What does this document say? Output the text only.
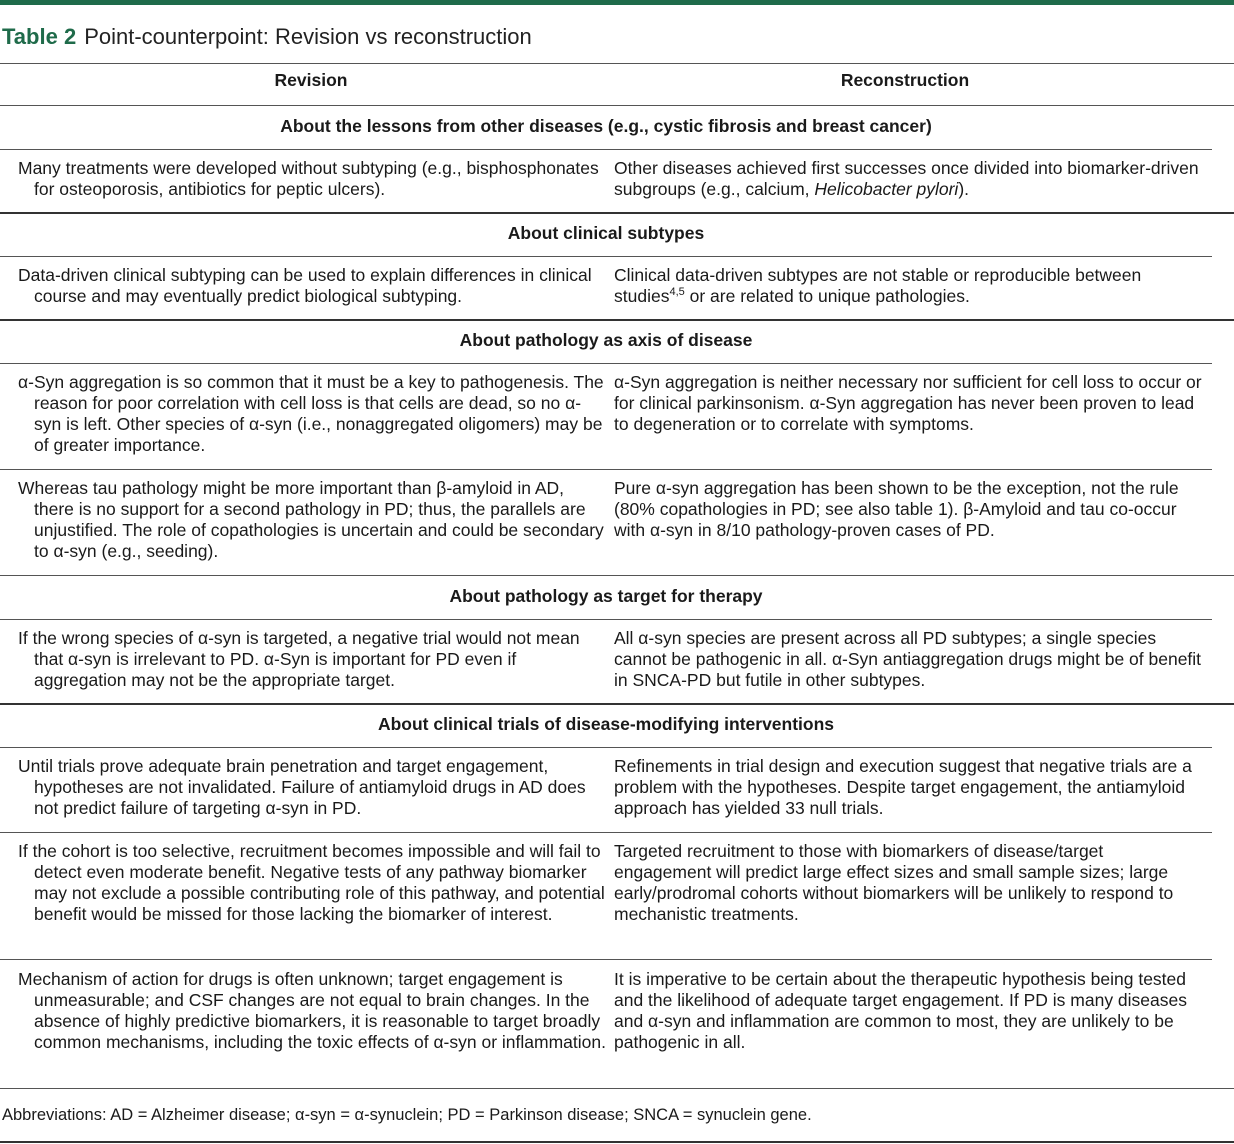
Table 2 Point-counterpoint: Revision vs reconstruction
Revision	Reconstruction
About the lessons from other diseases (e.g., cystic fibrosis and breast cancer)
Many treatments were developed without subtyping (e.g., bisphosphonates for osteoporosis, antibiotics for peptic ulcers).
Other diseases achieved first successes once divided into biomarker-driven subgroups (e.g., calcium, Helicobacter pylori).
About clinical subtypes
Data-driven clinical subtyping can be used to explain differences in clinical course and may eventually predict biological subtyping.
Clinical data-driven subtypes are not stable or reproducible between studies$^{4,5}$ or are related to unique pathologies.
About pathology as axis of disease
α-Syn aggregation is so common that it must be a key to pathogenesis. The reason for poor correlation with cell loss is that cells are dead, so no α-syn is left. Other species of α-syn (i.e., nonaggregated oligomers) may be of greater importance.
α-Syn aggregation is neither necessary nor sufficient for cell loss to occur or for clinical parkinsonism. α-Syn aggregation has never been proven to lead to degeneration or to correlate with symptoms.
Whereas tau pathology might be more important than β-amyloid in AD, there is no support for a second pathology in PD; thus, the parallels are unjustified. The role of copathologies is uncertain and could be secondary to α-syn (e.g., seeding).
Pure α-syn aggregation has been shown to be the exception, not the rule (80% copathologies in PD; see also table 1). β-Amyloid and tau co-occur with α-syn in 8/10 pathology-proven cases of PD.
About pathology as target for therapy
If the wrong species of α-syn is targeted, a negative trial would not mean that α-syn is irrelevant to PD. α-Syn is important for PD even if aggregation may not be the appropriate target.
All α-syn species are present across all PD subtypes; a single species cannot be pathogenic in all. α-Syn antiaggregation drugs might be of benefit in SNCA-PD but futile in other subtypes.
About clinical trials of disease-modifying interventions
Until trials prove adequate brain penetration and target engagement, hypotheses are not invalidated. Failure of antiamyloid drugs in AD does not predict failure of targeting α-syn in PD.
Refinements in trial design and execution suggest that negative trials are a problem with the hypotheses. Despite target engagement, the antiamyloid approach has yielded 33 null trials.
If the cohort is too selective, recruitment becomes impossible and will fail to detect even moderate benefit. Negative tests of any pathway biomarker may not exclude a possible contributing role of this pathway, and potential benefit would be missed for those lacking the biomarker of interest.
Targeted recruitment to those with biomarkers of disease/target engagement will predict large effect sizes and small sample sizes; large early/prodromal cohorts without biomarkers will be unlikely to respond to mechanistic treatments.
Mechanism of action for drugs is often unknown; target engagement is unmeasurable; and CSF changes are not equal to brain changes. In the absence of highly predictive biomarkers, it is reasonable to target broadly common mechanisms, including the toxic effects of α-syn or inflammation.
It is imperative to be certain about the therapeutic hypothesis being tested and the likelihood of adequate target engagement. If PD is many diseases and α-syn and inflammation are common to most, they are unlikely to be pathogenic in all.
Abbreviations: AD = Alzheimer disease; α-syn = α-synuclein; PD = Parkinson disease; SNCA = synuclein gene.
